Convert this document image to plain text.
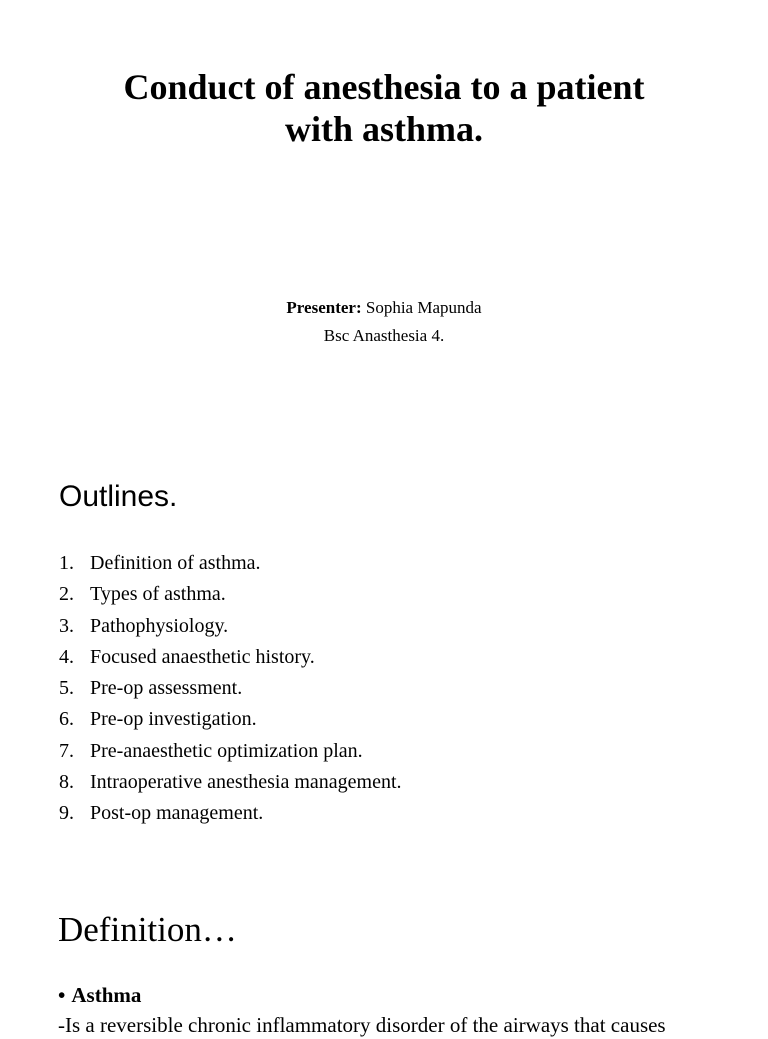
Conduct of anesthesia to a patient
with asthma.
Presenter: Sophia Mapunda
Bsc Anasthesia 4.
Outlines.
1. Definition of asthma.
2. Types of asthma.
3. Pathophysiology.
4. Focused anaesthetic history.
5. Pre-op assessment.
6. Pre-op investigation.
7. Pre-anaesthetic optimization plan.
8. Intraoperative anesthesia management.
9. Post-op management.
Definition…
• Asthma
-Is a reversible chronic inflammatory disorder of the airways that causes
